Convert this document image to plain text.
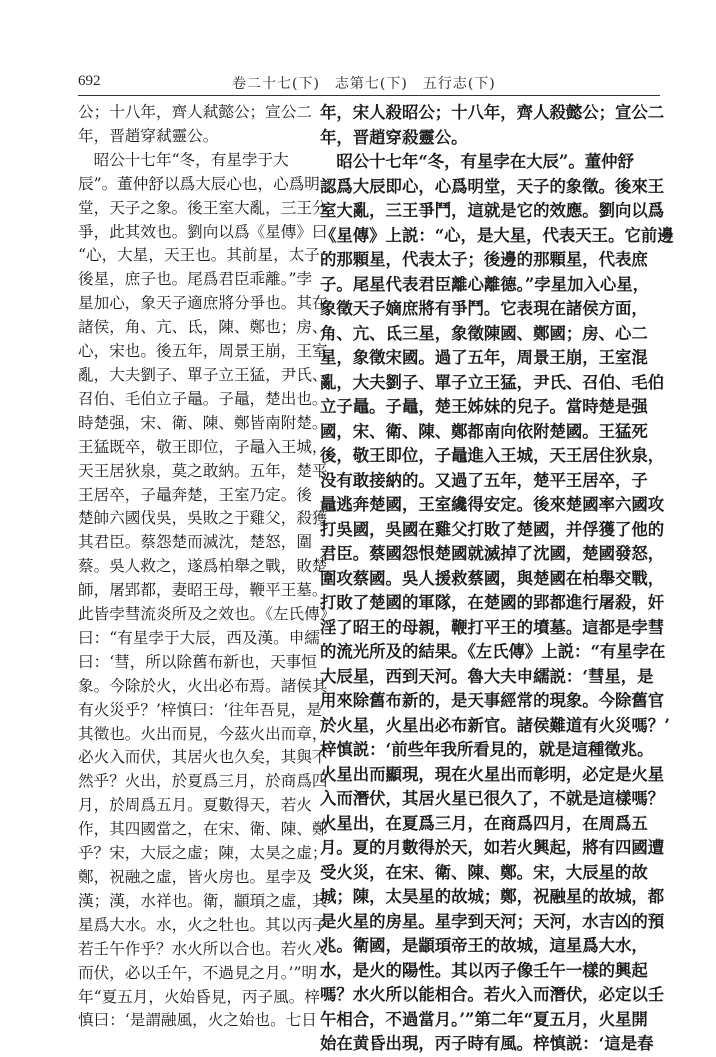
692	卷二十七(下)　志第七(下)　五行志(下)
公；十八年，齊人弒懿公；宣公二
年，晋趙穿弒靈公。
　昭公十七年“冬，有星孛于大
辰”。董仲舒以爲大辰心也，心爲明
堂，天子之象。後王室大亂，三王分
爭，此其效也。劉向以爲《星傳》曰
“心，大星，天王也。其前星，太子；
後星，庶子也。尾爲君臣乖離。”孛
星加心，象天子適庶將分爭也。其在
諸侯，角、亢、氐，陳、鄭也；房、
心，宋也。後五年，周景王崩，王室
亂，大夫劉子、單子立王猛，尹氏、
召伯、毛伯立子鼂。子鼂，楚出也。
時楚强，宋、衛、陳、鄭皆南附楚。
王猛既卒，敬王即位，子鼂入王城，
天王居狄泉，莫之敢納。五年，楚平
王居卒，子鼂奔楚，王室乃定。後
楚帥六國伐吳，吳敗之于雞父，殺獲
其君臣。蔡怨楚而滅沈，楚怒，圍
蔡。吳人救之，遂爲柏舉之戰，敗楚
師，屠郢都，妻昭王母，鞭平王墓。
此皆孛彗流炎所及之效也。《左氏傳》
曰：“有星孛于大辰，西及漢。申繻
曰：‘彗，所以除舊布新也，天事恒
象。今除於火，火出必布焉。諸侯其
有火災乎？’梓慎曰：‘往年吾見，是
其徵也。火出而見，今茲火出而章，
必火入而伏，其居火也久矣，其與不
然乎？火出，於夏爲三月，於商爲四
月，於周爲五月。夏數得天，若火
作，其四國當之，在宋、衛、陳、鄭
乎？宋，大辰之虛；陳，太昊之虛；
鄭，祝融之虛，皆火房也。星孛及
漢；漢，水祥也。衛，顓頊之虛，其
星爲大水。水，火之牡也。其以丙子
若壬午作乎？水火所以合也。若火入
而伏，必以壬午，不過見之月。’”明
年“夏五月，火始昏見，丙子風。梓
慎曰：‘是謂融風，火之始也。七日
年，宋人殺昭公；十八年，齊人殺懿公；宣公二
年，晋趙穿殺靈公。
　昭公十七年“冬，有星孛在大辰”。董仲舒
認爲大辰即心，心爲明堂，天子的象徵。後來王
室大亂，三王爭鬥，這就是它的效應。劉向以爲
《星傳》上説：“心，是大星，代表天王。它前邊
的那顆星，代表太子；後邊的那顆星，代表庶
子。尾星代表君臣離心離德。”孛星加入心星，
象徵天子嫡庶將有爭鬥。它表現在諸侯方面，
角、亢、氐三星，象徵陳國、鄭國；房、心二
星，象徵宋國。過了五年，周景王崩，王室混
亂，大夫劉子、單子立王猛，尹氏、召伯、毛伯
立子鼂。子鼂，楚王姊妹的兒子。當時楚是强
國，宋、衛、陳、鄭都南向依附楚國。王猛死
後，敬王即位，子鼂進入王城，天王居住狄泉，
没有敢接納的。又過了五年，楚平王居卒，子
鼂逃奔楚國，王室纔得安定。後來楚國率六國攻
打吳國，吳國在雞父打敗了楚國，并俘獲了他的
君臣。蔡國怨恨楚國就滅掉了沈國，楚國發怒，
圍攻蔡國。吳人援救蔡國，與楚國在柏舉交戰，
打敗了楚國的軍隊，在楚國的郢都進行屠殺，奸
淫了昭王的母親，鞭打平王的墳墓。這都是孛彗
的流光所及的結果。《左氏傳》上説：“有星孛在
大辰星，西到天河。魯大夫申繻説：‘彗星，是
用來除舊布新的，是天事經常的現象。今除舊官
於火星，火星出必布新官。諸侯難道有火災嗎？’
梓慎説：‘前些年我所看見的，就是這種徵兆。
火星出而顯現，現在火星出而彰明，必定是火星
入而潛伏，其居火星已很久了，不就是這樣嗎？
火星出，在夏爲三月，在商爲四月，在周爲五
月。夏的月數得於天，如若火興起，將有四國遭
受火災，在宋、衛、陳、鄭。宋，大辰星的故
城；陳，太昊星的故城；鄭，祝融星的故城，都
是火星的房星。星孛到天河；天河，水吉凶的預
兆。衛國，是顓頊帝王的故城，這星爲大水，
水，是火的陽性。其以丙子像壬午一樣的興起
嗎？水火所以能相合。若火入而潛伏，必定以壬
午相合，不過當月。’”第二年“夏五月，火星開
始在黄昏出現，丙子時有風。梓慎説：‘這是春
